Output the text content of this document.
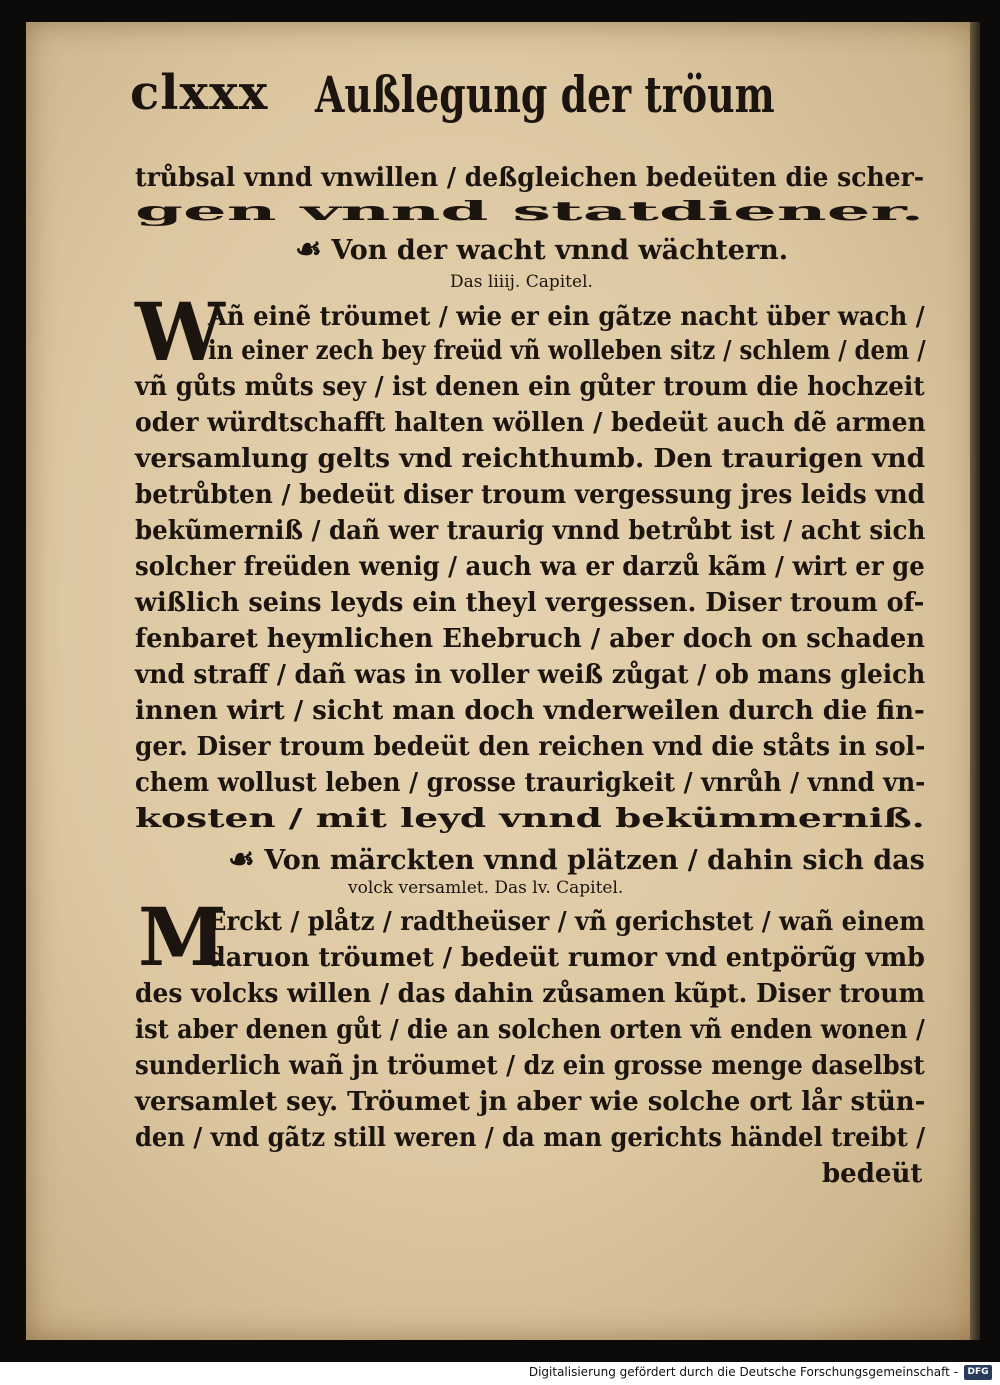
clxxx Außlegung der tröum
trůbsal vnnd vnwillen / deßgleichen bedeüten die scher-
gen vnnd statdiener.
☙ Von der wacht vnnd wächtern.
Das liiij. Capitel.
W
Añ einẽ tröumet / wie er ein gãtze nacht über wach /
in einer zech bey freüd vñ wolleben sitz / schlem / dem /
vñ gůts můts sey / ist denen ein gůter troum die hochzeit
oder würdtschafft halten wöllen / bedeüt auch dẽ armen
versamlung gelts vnd reichthumb. Den traurigen vnd
betrůbten / bedeüt diser troum vergessung jres leids vnd
bekũmerniß / dañ wer traurig vnnd betrůbt ist / acht sich
solcher freüden wenig / auch wa er darzů kãm / wirt er ge
wißlich seins leyds ein theyl vergessen. Diser troum of-
fenbaret heymlichen Ehebruch / aber doch on schaden
vnd straff / dañ was in voller weiß zůgat / ob mans gleich
innen wirt / sicht man doch vnderweilen durch die fin-
ger. Diser troum bedeüt den reichen vnd die ståts in sol-
chem wollust leben / grosse traurigkeit / vnrůh / vnnd vn-
kosten / mit leyd vnnd bekümmerniß.
☙ Von märckten vnnd plätzen / dahin sich das
volck versamlet. Das lv. Capitel.
M
Erckt / plåtz / radtheüser / vñ gerichstet / wañ einem
daruon tröumet / bedeüt rumor vnd entpörũg vmb
des volcks willen / das dahin zůsamen kũpt. Diser troum
ist aber denen gůt / die an solchen orten vñ enden wonen /
sunderlich wañ jn tröumet / dz ein grosse menge daselbst
versamlet sey. Tröumet jn aber wie solche ort lår stün-
den / vnd gãtz still weren / da man gerichts händel treibt /
bedeüt
Digitalisierung gefördert durch die Deutsche Forschungsgemeinschaft -	DFG
